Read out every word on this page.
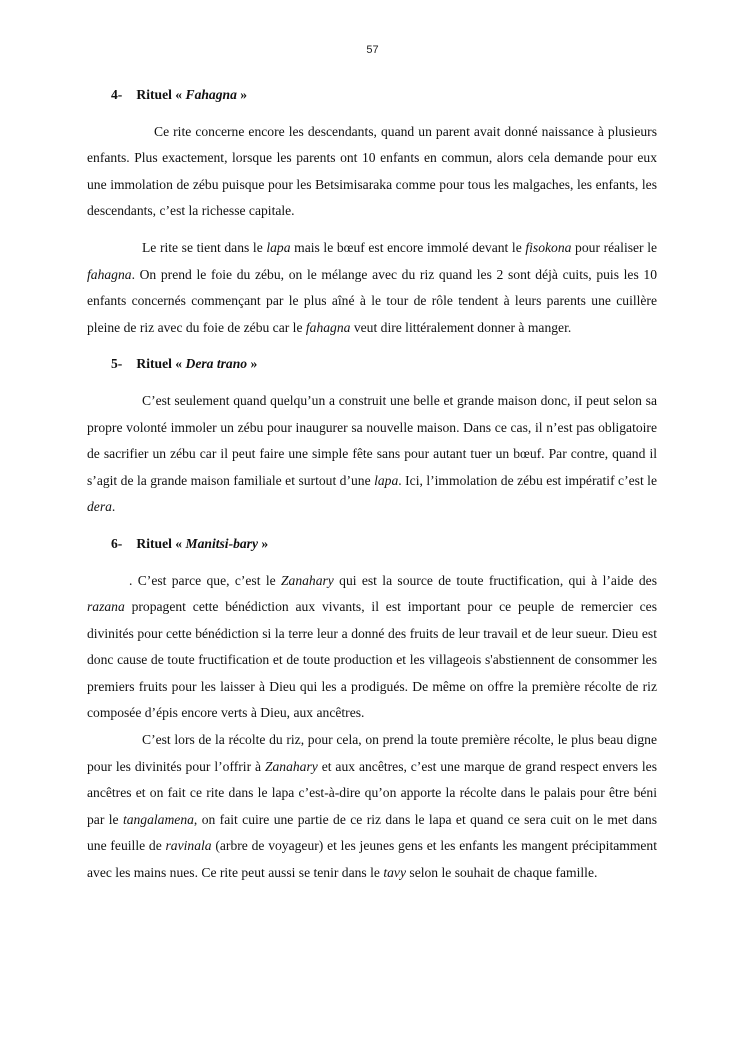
57
4- Rituel « Fahagna »

Ce rite concerne encore les descendants, quand un parent avait donné naissance à plusieurs enfants. Plus exactement, lorsque les parents ont 10 enfants en commun, alors cela demande pour eux une immolation de zébu puisque pour les Betsimisaraka comme pour tous les malgaches, les enfants, les descendants, c’est la richesse capitale.

Le rite se tient dans le lapa mais le bœuf est encore immolé devant le fisokona pour réaliser le fahagna. On prend le foie du zébu, on le mélange avec du riz quand les 2 sont déjà cuits, puis les 10 enfants concernés commençant par le plus aîné à le tour de rôle tendent à leurs parents une cuillère pleine de riz avec du foie de zébu car le fahagna veut dire littéralement donner à manger.

5- Rituel « Dera trano »

C’est seulement quand quelqu’un a construit une belle et grande maison donc, iI peut selon sa propre volonté immoler un zébu pour inaugurer sa nouvelle maison. Dans ce cas, il n’est pas obligatoire de sacrifier un zébu car il peut faire une simple fête sans pour autant tuer un bœuf. Par contre, quand il s’agit de la grande maison familiale et surtout d’une lapa. Ici, l’immolation de zébu est impératif c’est le dera.

6- Rituel « Manitsi-bary »

. C’est parce que, c’est le Zanahary qui est la source de toute fructification, qui à l’aide des razana propagent cette bénédiction aux vivants, il est important pour ce peuple de remercier ces divinités pour cette bénédiction si la terre leur a donné des fruits de leur travail et de leur sueur. Dieu est donc cause de toute fructification et de toute production et les villageois s'abstiennent de consommer les premiers fruits pour les laisser à Dieu qui les a prodigués. De même on offre la première récolte de riz composée d’épis encore verts à Dieu, aux ancêtres.

C’est lors de la récolte du riz, pour cela, on prend la toute première récolte, le plus beau digne pour les divinités pour l’offrir à Zanahary et aux ancêtres, c’est une marque de grand respect envers les ancêtres et on fait ce rite dans le lapa c’est-à-dire qu’on apporte la récolte dans le palais pour être béni par le tangalamena, on fait cuire une partie de ce riz dans le lapa et quand ce sera cuit on le met dans une feuille de ravinala (arbre de voyageur) et les jeunes gens et les enfants les mangent précipitamment avec les mains nues. Ce rite peut aussi se tenir dans le tavy selon le souhait de chaque famille.
